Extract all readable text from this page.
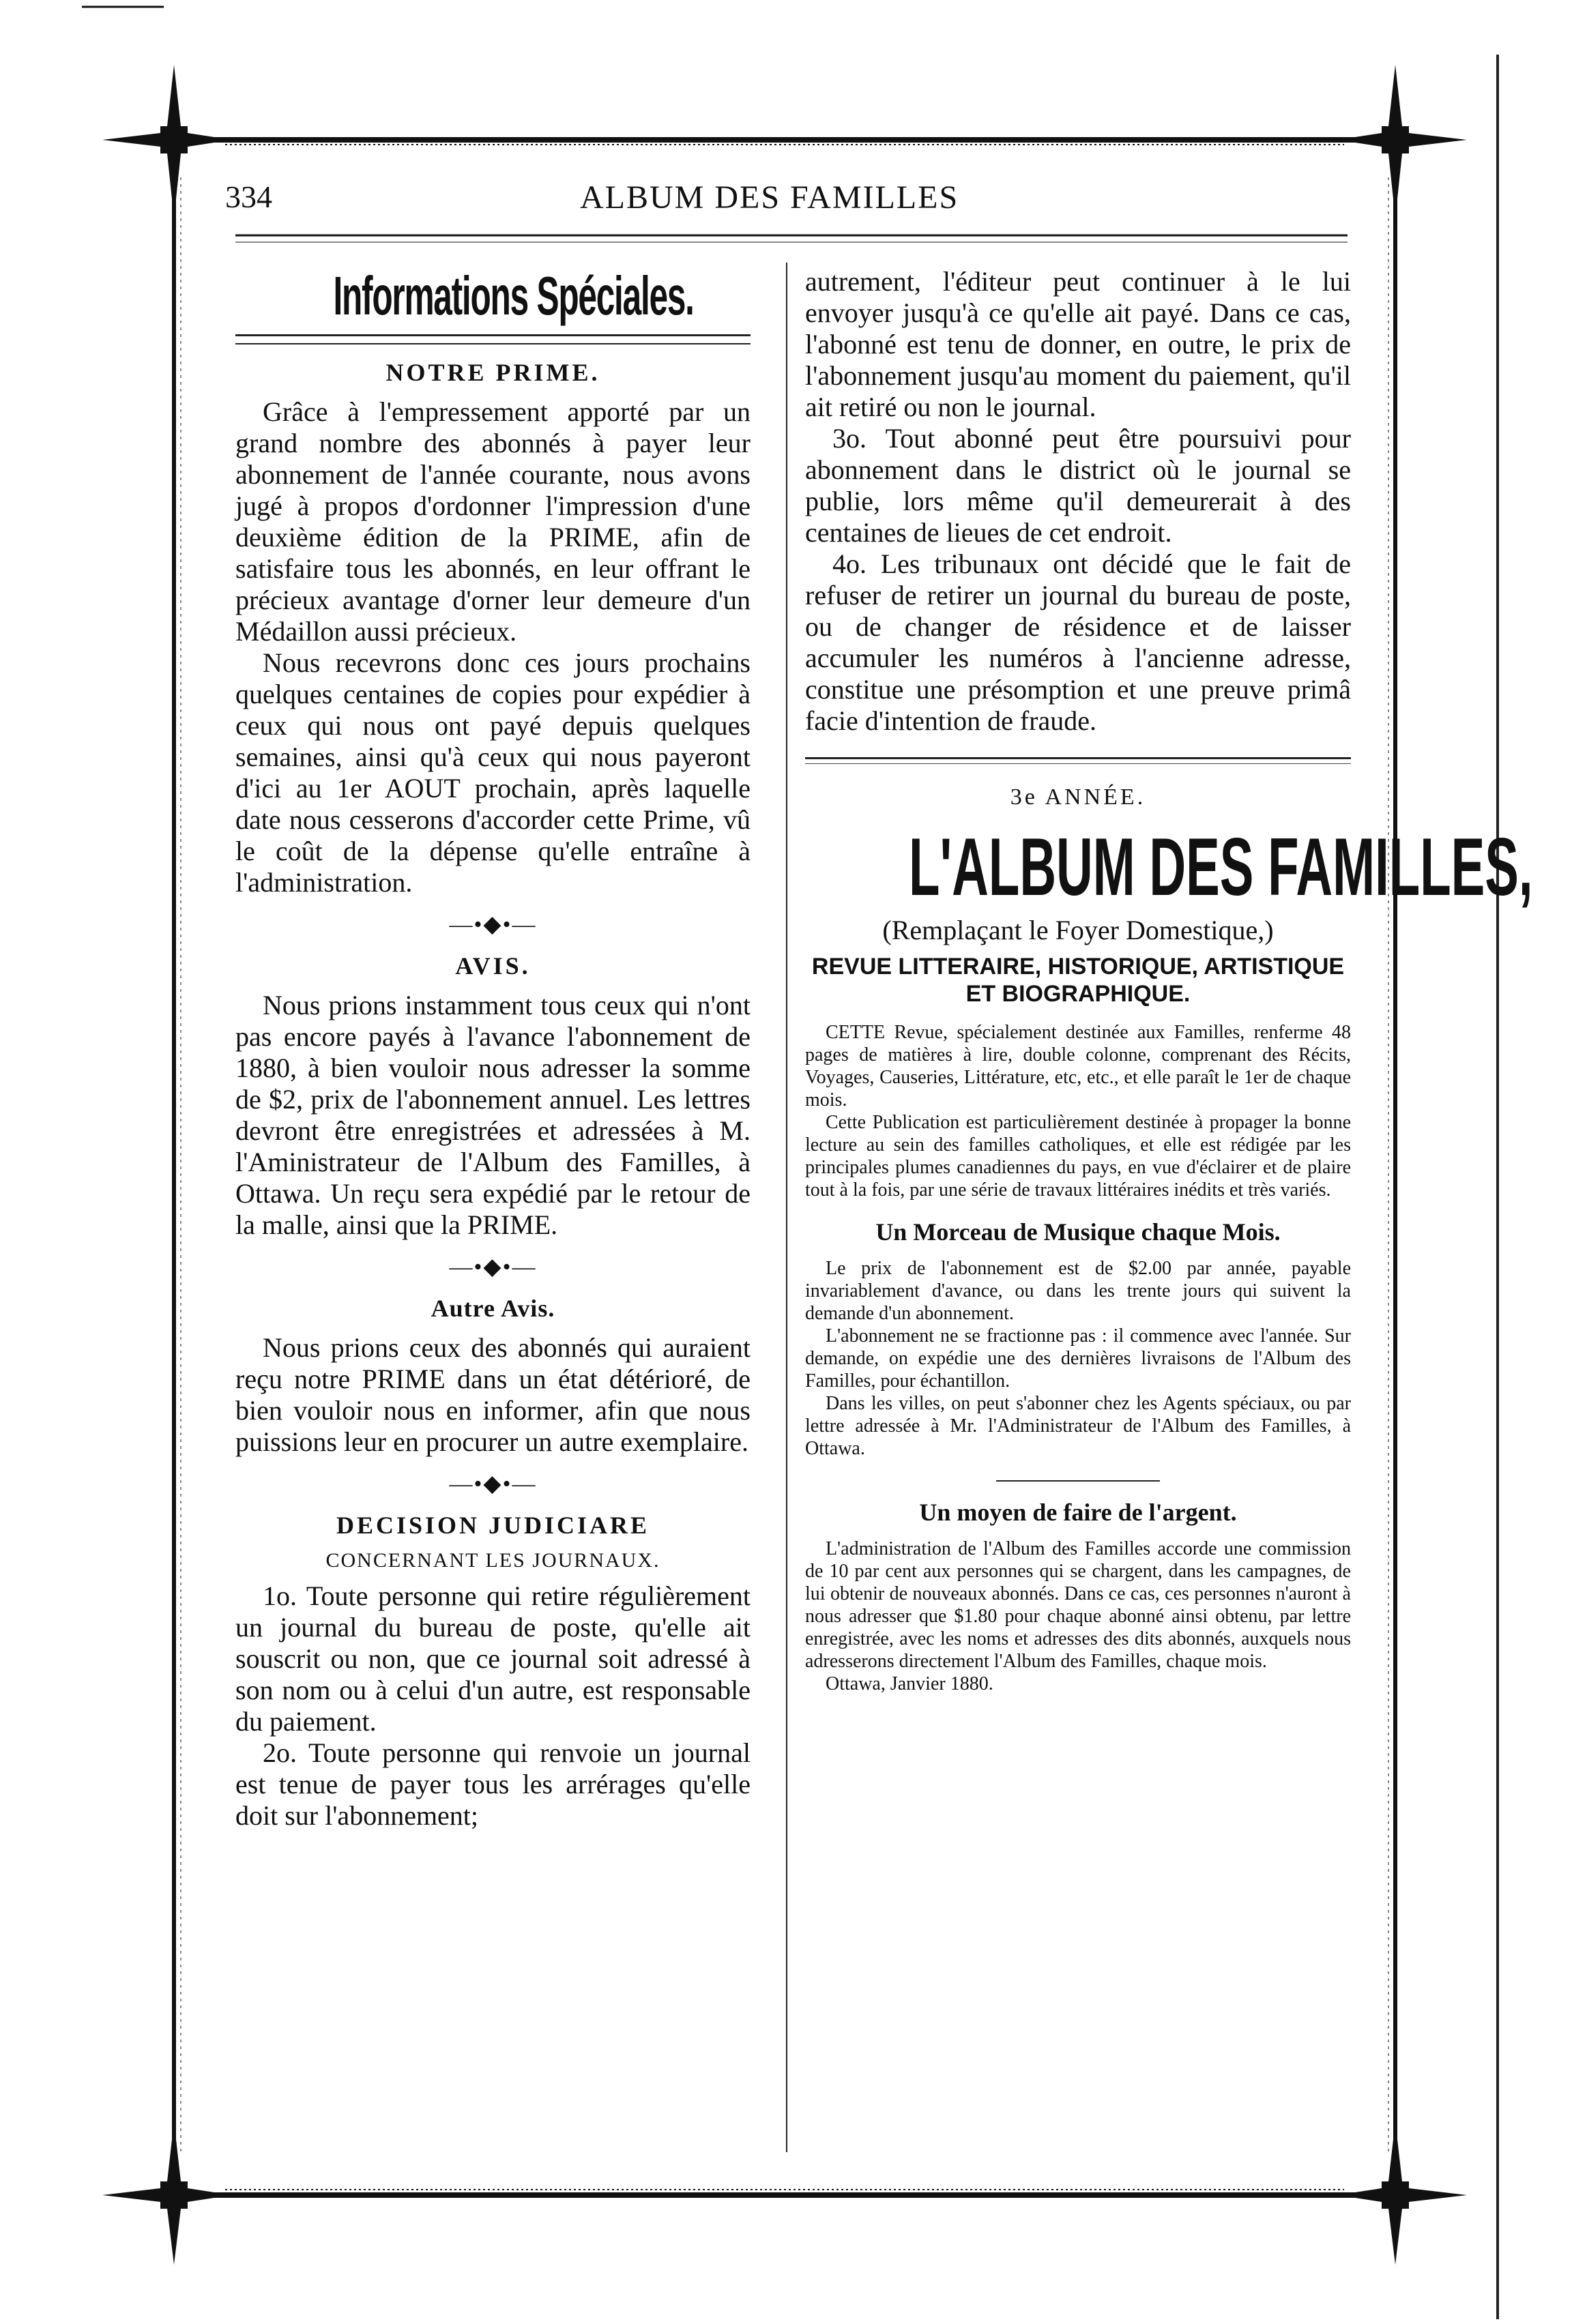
334	ALBUM DES FAMILLES
Informations Spéciales.
NOTRE PRIME.

Grâce à l'empressement apporté par un grand nombre des abonnés à payer leur abonnement de l'année courante, nous avons jugé à propos d'ordonner l'impression d'une deuxième édition de la PRIME, afin de satisfaire tous les abonnés, en leur offrant le précieux avantage d'orner leur demeure d'un Médaillon aussi précieux.

Nous recevrons donc ces jours prochains quelques centaines de copies pour expédier à ceux qui nous ont payé depuis quelques semaines, ainsi qu'à ceux qui nous payeront d'ici au 1er AOUT prochain, après laquelle date nous cesserons d'accorder cette Prime, vû le coût de la dépense qu'elle entraîne à l'administration.

—•◆•—
AVIS.

Nous prions instamment tous ceux qui n'ont pas encore payés à l'avance l'abonnement de 1880, à bien vouloir nous adresser la somme de $2, prix de l'abonnement annuel. Les lettres devront être enregistrées et adressées à M. l'Aministrateur de l'Album des Familles, à Ottawa. Un reçu sera expédié par le retour de la malle, ainsi que la PRIME.

—•◆•—
Autre Avis.

Nous prions ceux des abonnés qui auraient reçu notre PRIME dans un état détérioré, de bien vouloir nous en informer, afin que nous puissions leur en procurer un autre exemplaire.

—•◆•—
DECISION JUDICIARE
CONCERNANT LES JOURNAUX.

1o. Toute personne qui retire régulièrement un journal du bureau de poste, qu'elle ait souscrit ou non, que ce journal soit adressé à son nom ou à celui d'un autre, est responsable du paiement.

2o. Toute personne qui renvoie un journal est tenue de payer tous les arrérages qu'elle doit sur l'abonnement;

autrement, l'éditeur peut continuer à le lui envoyer jusqu'à ce qu'elle ait payé. Dans ce cas, l'abonné est tenu de donner, en outre, le prix de l'abonnement jusqu'au moment du paiement, qu'il ait retiré ou non le journal.

3o. Tout abonné peut être poursuivi pour abonnement dans le district où le journal se publie, lors même qu'il demeurerait à des centaines de lieues de cet endroit.

4o. Les tribunaux ont décidé que le fait de refuser de retirer un journal du bureau de poste, ou de changer de résidence et de laisser accumuler les numéros à l'ancienne adresse, constitue une présomption et une preuve primâ facie d'intention de fraude.

3e ANNÉE.
L'ALBUM DES FAMILLES,
(Remplaçant le Foyer Domestique,)
REVUE LITTERAIRE, HISTORIQUE, ARTISTIQUE ET BIOGRAPHIQUE.

CETTE Revue, spécialement destinée aux Familles, renferme 48 pages de matières à lire, double colonne, comprenant des Récits, Voyages, Causeries, Littérature, etc, etc., et elle paraît le 1er de chaque mois.

Cette Publication est particulièrement destinée à propager la bonne lecture au sein des familles catholiques, et elle est rédigée par les principales plumes canadiennes du pays, en vue d'éclairer et de plaire tout à la fois, par une série de travaux littéraires inédits et très variés.

Un Morceau de Musique chaque Mois.

Le prix de l'abonnement est de $2.00 par année, payable invariablement d'avance, ou dans les trente jours qui suivent la demande d'un abonnement.

L'abonnement ne se fractionne pas : il commence avec l'année. Sur demande, on expédie une des dernières livraisons de l'Album des Familles, pour échantillon.

Dans les villes, on peut s'abonner chez les Agents spéciaux, ou par lettre adressée à Mr. l'Administrateur de l'Album des Familles, à Ottawa.

Un moyen de faire de l'argent.

L'administration de l'Album des Familles accorde une commission de 10 par cent aux personnes qui se chargent, dans les campagnes, de lui obtenir de nouveaux abonnés. Dans ce cas, ces personnes n'auront à nous adresser que $1.80 pour chaque abonné ainsi obtenu, par lettre enregistrée, avec les noms et adresses des dits abonnés, auxquels nous adresserons directement l'Album des Familles, chaque mois.

Ottawa, Janvier 1880.
